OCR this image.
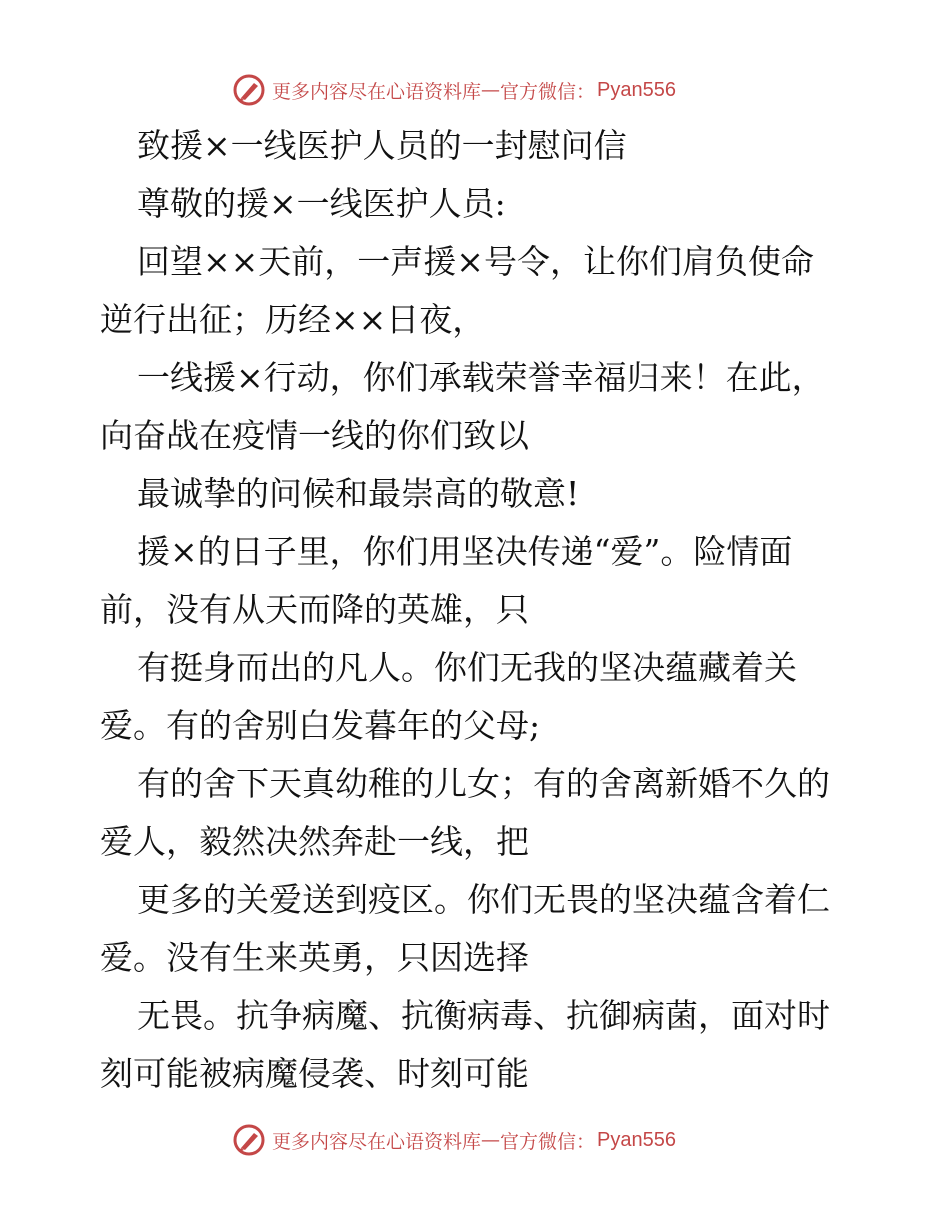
更多内容尽在心语资料库 — 官方微信： Pyan556
致援×一线医护人员的一封慰问信
尊敬的援×一线医护人员:
回望××天前，一声援×号令，让你们肩负使命
逆行出征；历经××日夜，
一线援×行动，你们承载荣誉幸福归来！在此，
向奋战在疫情一线的你们致以
最诚挚的问候和最崇高的敬意!
援×的日子里，你们用坚决传递“爱”。险情面
前，没有从天而降的英雄，只
有挺身而出的凡人。你们无我的坚决蕴藏着关
爱。有的舍别白发暮年的父母;
有的舍下天真幼稚的儿女；有的舍离新婚不久的
爱人，毅然决然奔赴一线，把
更多的关爱送到疫区。你们无畏的坚决蕴含着仁
爱。没有生来英勇，只因选择
无畏。抗争病魔、抗衡病毒、抗御病菌，面对时
刻可能被病魔侵袭、时刻可能
更多内容尽在心语资料库 — 官方微信： Pyan556
